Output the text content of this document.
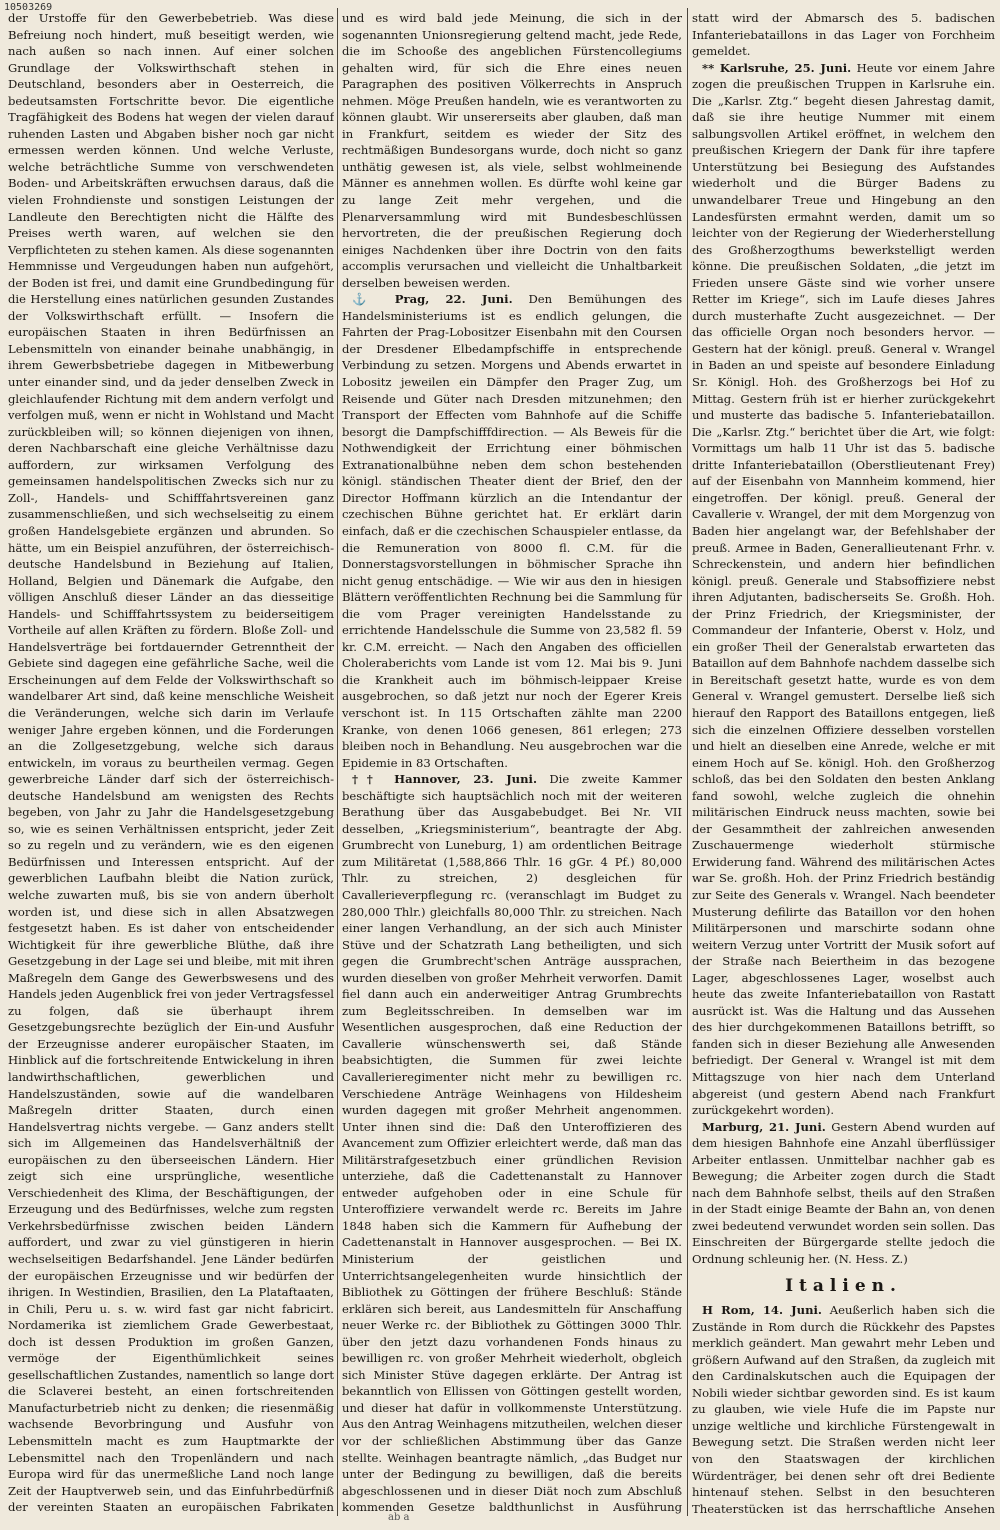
10503269

der Urstoffe für den Gewerbebetrieb. Was diese Befreiung noch hindert, muß beseitigt werden, wie nach außen so nach innen. Auf einer solchen Grundlage der Volkswirthschaft stehen in Deutschland, besonders aber in Oesterreich, die bedeutsamsten Fortschritte bevor. Die eigentliche Tragfähigkeit des Bodens hat wegen der vielen darauf ruhenden Lasten und Abgaben bisher noch gar nicht ermessen werden können. Und welche Verluste, welche beträchtliche Summe von verschwendeten Boden- und Arbeitskräften erwuchsen daraus, daß die vielen Frohndienste und sonstigen Leistungen der Landleute den Berechtigten nicht die Hälfte des Preises werth waren, auf welchen sie den Verpflichteten zu stehen kamen. Als diese sogenannten Hemmnisse und Vergeudungen haben nun aufgehört, der Boden ist frei, und damit eine Grundbedingung für die Herstellung eines natürlichen gesunden Zustandes der Volkswirthschaft erfüllt. — Insofern die europäischen Staaten in ihren Bedürfnissen an Lebensmitteln von einander beinahe unabhängig, in ihrem Gewerbsbetriebe dagegen in Mitbewerbung unter einander sind, und da jeder denselben Zweck in gleichlaufender Richtung mit dem andern verfolgt und verfolgen muß, wenn er nicht in Wohlstand und Macht zurückbleiben will; so können diejenigen von ihnen, deren Nachbarschaft eine gleiche Verhältnisse dazu auffordern, zur wirksamen Verfolgung des gemeinsamen handelspolitischen Zwecks sich nur zu Zoll-, Handels- und Schifffahrtsvereinen ganz zusammenschließen, und sich wechselseitig zu einem großen Handelsgebiete ergänzen und abrunden. So hätte, um ein Beispiel anzuführen, der österreichisch-deutsche Handelsbund in Beziehung auf Italien, Holland, Belgien und Dänemark die Aufgabe, den völligen Anschluß dieser Länder an das diesseitige Handels- und Schifffahrtssystem zu beiderseitigem Vortheile auf allen Kräften zu fördern. Bloße Zoll- und Handelsverträge bei fortdauernder Getrenntheit der Gebiete sind dagegen eine gefährliche Sache, weil die Erscheinungen auf dem Felde der Volkswirthschaft so wandelbarer Art sind, daß keine menschliche Weisheit die Veränderungen, welche sich darin im Verlaufe weniger Jahre ergeben können, und die Forderungen an die Zollgesetzgebung, welche sich daraus entwickeln, im voraus zu beurtheilen vermag. Gegen gewerbreiche Länder darf sich der österreichisch-deutsche Handelsbund am wenigsten des Rechts begeben, von Jahr zu Jahr die Handelsgesetzgebung so, wie es seinen Verhältnissen entspricht, jeder Zeit so zu regeln und zu verändern, wie es den eigenen Bedürfnissen und Interessen entspricht. Auf der gewerblichen Laufbahn bleibt die Nation zurück, welche zuwarten muß, bis sie von andern überholt worden ist, und diese sich in allen Absatzwegen festgesetzt haben. Es ist daher von entscheidender Wichtigkeit für ihre gewerbliche Blüthe, daß ihre Gesetzgebung in der Lage sei und bleibe, mit mit ihren Maßregeln dem Gange des Gewerbswesens und des Handels jeden Augenblick frei von jeder Vertragsfessel zu folgen, daß sie überhaupt ihrem Gesetzgebungsrechte bezüglich der Ein-und Ausfuhr der Erzeugnisse anderer europäischer Staaten, im Hinblick auf die fortschreitende Entwickelung in ihren landwirthschaftlichen, gewerblichen und Handelszuständen, sowie auf die wandelbaren Maßregeln dritter Staaten, durch einen Handelsvertrag nichts vergebe. — Ganz anders stellt sich im Allgemeinen das Handelsverhältniß der europäischen zu den überseeischen Ländern. Hier zeigt sich eine ursprüngliche, wesentliche Verschiedenheit des Klima, der Beschäftigungen, der Erzeugung und des Bedürfnisses, welche zum regsten Verkehrsbedürfnisse zwischen beiden Ländern auffordert, und zwar zu viel günstigeren in hierin wechselseitigen Bedarfshandel. Jene Länder bedürfen der europäischen Erzeugnisse und wir bedürfen der ihrigen. In Westindien, Brasilien, den La Plataftaaten, in Chili, Peru u. s. w. wird fast gar nicht fabricirt. Nordamerika ist ziemlichem Grade Gewerbestaat, doch ist dessen Produktion im großen Ganzen, vermöge der Eigenthümlichkeit seines gesellschaftlichen Zustandes, namentlich so lange dort die Sclaverei besteht, an einen fortschreitenden Manufacturbetrieb nicht zu denken; die riesenmäßig wachsende Bevorbringung und Ausfuhr von Lebensmitteln macht es zum Hauptmarkte der Lebensmittel nach den Tropenländern und nach Europa wird für das unermeßliche Land noch lange Zeit der Hauptverweb sein, und das Einfuhrbedürfniß der vereinten Staaten an europäischen Fabrikaten

und es wird bald jede Meinung, die sich in der sogenannten Unionsregierung geltend macht, jede Rede, die im Schooße des angeblichen Fürstencollegiums gehalten wird, für sich die Ehre eines neuen Paragraphen des positiven Völkerrechts in Anspruch nehmen. Möge Preußen handeln, wie es verantworten zu können glaubt. Wir unsererseits aber glauben, daß man in Frankfurt, seitdem es wieder der Sitz des rechtmäßigen Bundesorgans wurde, doch nicht so ganz unthätig gewesen ist, als viele, selbst wohlmeinende Männer es annehmen wollen. Es dürfte wohl keine gar zu lange Zeit mehr vergehen, und die Plenarversammlung wird mit Bundesbeschlüssen hervortreten, die der preußischen Regierung doch einiges Nachdenken über ihre Doctrin von den faits accomplis verursachen und vielleicht die Unhaltbarkeit derselben beweisen werden.

⚓ Prag, 22. Juni. Den Bemühungen des Handelsministeriums ist es endlich gelungen, die Fahrten der Prag-Lobositzer Eisenbahn mit den Coursen der Dresdener Elbedampfschiffe in entsprechende Verbindung zu setzen. Morgens und Abends erwartet in Lobositz jeweilen ein Dämpfer den Prager Zug, um Reisende und Güter nach Dresden mitzunehmen; den Transport der Effecten vom Bahnhofe auf die Schiffe besorgt die Dampfschifffdirection. — Als Beweis für die Nothwendigkeit der Errichtung einer böhmischen Extranationalbühne neben dem schon bestehenden königl. ständischen Theater dient der Brief, den der Director Hoffmann kürzlich an die Intendantur der czechischen Bühne gerichtet hat. Er erklärt darin einfach, daß er die czechischen Schauspieler entlasse, da die Remuneration von 8000 fl. C.M. für die Donnerstagsvorstellungen in böhmischer Sprache ihn nicht genug entschädige. — Wie wir aus den in hiesigen Blättern veröffentlichten Rechnung bei die Sammlung für die vom Prager vereinigten Handelsstande zu errichtende Handelsschule die Summe von 23,582 fl. 59 kr. C.M. erreicht. — Nach den Angaben des officiellen Choleraberichts vom Lande ist vom 12. Mai bis 9. Juni die Krankheit auch im böhmisch-leippaer Kreise ausgebrochen, so daß jetzt nur noch der Egerer Kreis verschont ist. In 115 Ortschaften zählte man 2200 Kranke, von denen 1066 genesen, 861 erlegen; 273 bleiben noch in Behandlung. Neu ausgebrochen war die Epidemie in 83 Ortschaften.

†† Hannover, 23. Juni. Die zweite Kammer beschäftigte sich hauptsächlich noch mit der weiteren Berathung über das Ausgabebudget. Bei Nr. VII desselben, „Kriegsministerium“, beantragte der Abg. Grumbrecht von Luneburg, 1) am ordentlichen Beitrage zum Militäretat (1,588,866 Thlr. 16 gGr. 4 Pf.) 80,000 Thlr. zu streichen, 2) desgleichen für Cavallerieverpflegung rc. (veranschlagt im Budget zu 280,000 Thlr.) gleichfalls 80,000 Thlr. zu streichen. Nach einer langen Verhandlung, an der sich auch Minister Stüve und der Schatzrath Lang betheiligten, und sich gegen die Grumbrecht'schen Anträge aussprachen, wurden dieselben von großer Mehrheit verworfen. Damit fiel dann auch ein anderweitiger Antrag Grumbrechts zum Begleitsschreiben. In demselben war im Wesentlichen ausgesprochen, daß eine Reduction der Cavallerie wünschenswerth sei, daß Stände beabsichtigten, die Summen für zwei leichte Cavallerieregimenter nicht mehr zu bewilligen rc. Verschiedene Anträge Weinhagens von Hildesheim wurden dagegen mit großer Mehrheit angenommen. Unter ihnen sind die: Daß den Unteroffizieren des Avancement zum Offizier erleichtert werde, daß man das Militärstrafgesetzbuch einer gründlichen Revision unterziehe, daß die Cadettenanstalt zu Hannover entweder aufgehoben oder in eine Schule für Unteroffiziere verwandelt werde rc. Bereits im Jahre 1848 haben sich die Kammern für Aufhebung der Cadettenanstalt in Hannover ausgesprochen. — Bei IX. Ministerium der geistlichen und Unterrichtsangelegenheiten wurde hinsichtlich der Bibliothek zu Göttingen der frühere Beschluß: Stände erklären sich bereit, aus Landesmitteln für Anschaffung neuer Werke rc. der Bibliothek zu Göttingen 3000 Thlr. über den jetzt dazu vorhandenen Fonds hinaus zu bewilligen rc. von großer Mehrheit wiederholt, obgleich sich Minister Stüve dagegen erklärte. Der Antrag ist bekanntlich von Ellissen von Göttingen gestellt worden, und dieser hat dafür in vollkommenste Unterstützung. Aus den Antrag Weinhagens mitzutheilen, welchen dieser vor der schließlichen Abstimmung über das Ganze stellte. Weinhagen beantragte nämlich, „das Budget nur unter der Bedingung zu bewilligen, daß die bereits abgeschlossenen und in dieser Diät noch zum Abschluß kommenden Gesetze baldthunlichst in Ausführung

statt wird der Abmarsch des 5. badischen Infanteriebataillons in das Lager von Forchheim gemeldet.

** Karlsruhe, 25. Juni. Heute vor einem Jahre zogen die preußischen Truppen in Karlsruhe ein. Die „Karlsr. Ztg.“ begeht diesen Jahrestag damit, daß sie ihre heutige Nummer mit einem salbungsvollen Artikel eröffnet, in welchem den preußischen Kriegern der Dank für ihre tapfere Unterstützung bei Besiegung des Aufstandes wiederholt und die Bürger Badens zu unwandelbarer Treue und Hingebung an den Landesfürsten ermahnt werden, damit um so leichter von der Regierung der Wiederherstellung des Großherzogthums bewerkstelligt werden könne. Die preußischen Soldaten, „die jetzt im Frieden unsere Gäste sind wie vorher unsere Retter im Kriege“, sich im Laufe dieses Jahres durch musterhafte Zucht ausgezeichnet. — Der das officielle Organ noch besonders hervor. — Gestern hat der königl. preuß. General v. Wrangel in Baden an und speiste auf besondere Einladung Sr. Königl. Hoh. des Großherzogs bei Hof zu Mittag. Gestern früh ist er hierher zurückgekehrt und musterte das badische 5. Infanteriebataillon. Die „Karlsr. Ztg.“ berichtet über die Art, wie folgt: Vormittags um halb 11 Uhr ist das 5. badische dritte Infanteriebataillon (Oberstlieutenant Frey) auf der Eisenbahn von Mannheim kommend, hier eingetroffen. Der königl. preuß. General der Cavallerie v. Wrangel, der mit dem Morgenzug von Baden hier angelangt war, der Befehlshaber der preuß. Armee in Baden, Generallieutenant Frhr. v. Schreckenstein, und andern hier befindlichen königl. preuß. Generale und Stabsoffiziere nebst ihren Adjutanten, badischerseits Se. Großh. Hoh. der Prinz Friedrich, der Kriegsminister, der Commandeur der Infanterie, Oberst v. Holz, und ein großer Theil der Generalstab erwarteten das Bataillon auf dem Bahnhofe nachdem dasselbe sich in Bereitschaft gesetzt hatte, wurde es von dem General v. Wrangel gemustert. Derselbe ließ sich hierauf den Rapport des Bataillons entgegen, ließ sich die einzelnen Offiziere desselben vorstellen und hielt an dieselben eine Anrede, welche er mit einem Hoch auf Se. königl. Hoh. den Großherzog schloß, das bei den Soldaten den besten Anklang fand sowohl, welche zugleich die ohnehin militärischen Eindruck neuss machten, sowie bei der Gesammtheit der zahlreichen anwesenden Zuschauermenge wiederholt stürmische Erwiderung fand. Während des militärischen Actes war Se. großh. Hoh. der Prinz Friedrich beständig zur Seite des Generals v. Wrangel. Nach beendeter Musterung defilirte das Bataillon vor den hohen Militärpersonen und marschirte sodann ohne weitern Verzug unter Vortritt der Musik sofort auf der Straße nach Beiertheim in das bezogene Lager, abgeschlossenes Lager, woselbst auch heute das zweite Infanteriebataillon von Rastatt ausrückt ist. Was die Haltung und das Aussehen des hier durchgekommenen Bataillons betrifft, so fanden sich in dieser Beziehung alle Anwesenden befriedigt. Der General v. Wrangel ist mit dem Mittagszuge von hier nach dem Unterland abgereist (und gestern Abend nach Frankfurt zurückgekehrt worden).

Marburg, 21. Juni. Gestern Abend wurden auf dem hiesigen Bahnhofe eine Anzahl überflüssiger Arbeiter entlassen. Unmittelbar nachher gab es Bewegung; die Arbeiter zogen durch die Stadt nach dem Bahnhofe selbst, theils auf den Straßen in der Stadt einige Beamte der Bahn an, von denen zwei bedeutend verwundet worden sein sollen. Das Einschreiten der Bürgergarde stellte jedoch die Ordnung schleunig her. (N. Hess. Z.)

Italien.

H Rom, 14. Juni. Aeußerlich haben sich die Zustände in Rom durch die Rückkehr des Papstes merklich geändert. Man gewahrt mehr Leben und größern Aufwand auf den Straßen, da zugleich mit den Cardinalskutschen auch die Equipagen der Nobili wieder sichtbar geworden sind. Es ist kaum zu glauben, wie viele Hufe die im Papste nur unzige weltliche und kirchliche Fürstengewalt in Bewegung setzt. Die Straßen werden nicht leer von den Staatswagen der kirchlichen Würdenträger, bei denen sehr oft drei Bediente hintenauf stehen. Selbst in den besuchteren Theaterstücken ist das herrschaftliche Ansehen

ab a
